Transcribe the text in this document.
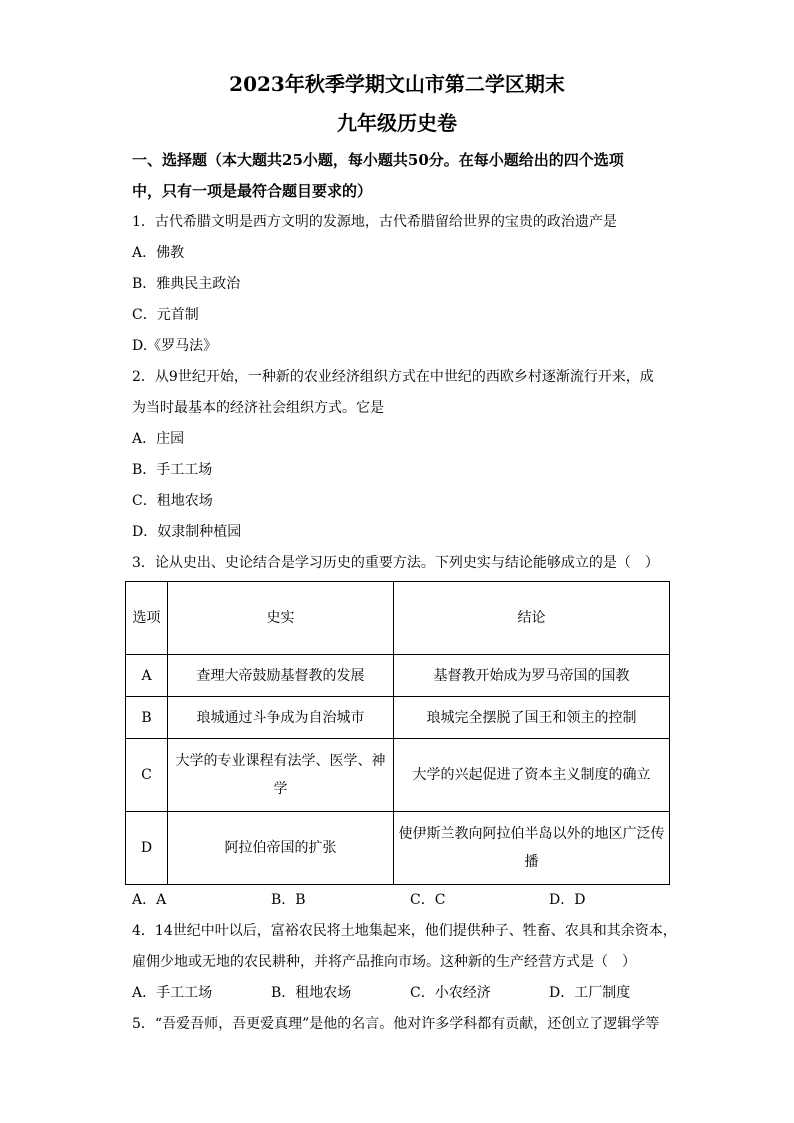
2023年秋季学期文山市第二学区期末
九年级历史卷
一、选择题（本大题共25小题，每小题共50分。在每小题给出的四个选项
中，只有一项是最符合题目要求的）
1．古代希腊文明是西方文明的发源地，古代希腊留给世界的宝贵的政治遗产是
A．佛教
B．雅典民主政治
C．元首制
D.《罗马法》
2．从9世纪开始，一种新的农业经济组织方式在中世纪的西欧乡村逐渐流行开来，成
为当时最基本的经济社会组织方式。它是
A．庄园
B．手工工场
C．租地农场
D．奴隶制种植园
3．论从史出、史论结合是学习历史的重要方法。下列史实与结论能够成立的是（　）
选项	史实	结论
A	查理大帝鼓励基督教的发展	基督教开始成为罗马帝国的国教
B	琅城通过斗争成为自治城市	琅城完全摆脱了国王和领主的控制
C	大学的专业课程有法学、医学、神学	大学的兴起促进了资本主义制度的确立
D	阿拉伯帝国的扩张	使伊斯兰教向阿拉伯半岛以外的地区广泛传播
A．A	B．B	C．C	D．D
4．14世纪中叶以后，富裕农民将土地集起来，他们提供种子、牲畜、农具和其余资本，
雇佣少地或无地的农民耕种，并将产品推向市场。这种新的生产经营方式是（　）
A．手工工场	B．租地农场	C．小农经济	D．工厂制度
5．“吾爱吾师，吾更爱真理”是他的名言。他对许多学科都有贡献，还创立了逻辑学等
